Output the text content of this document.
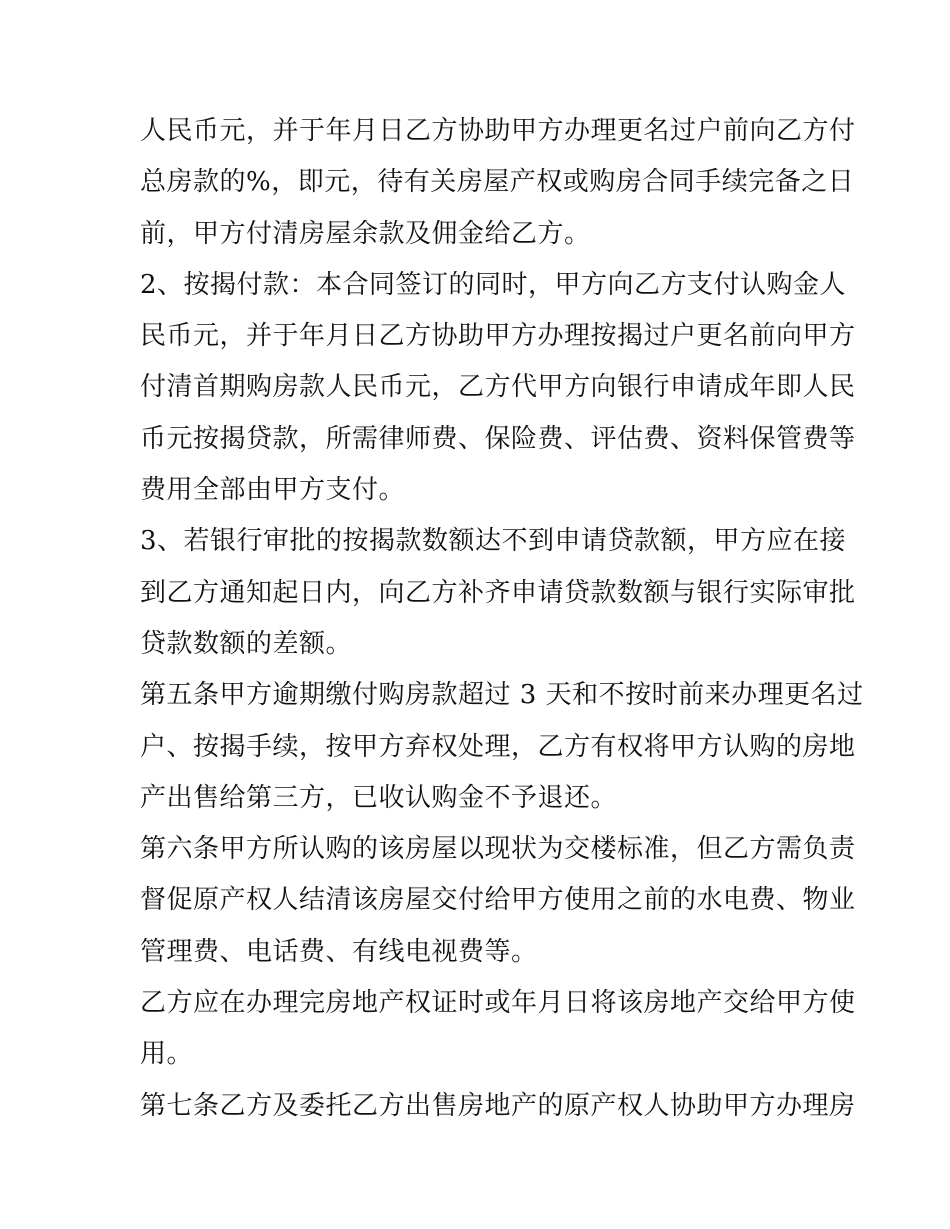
人民币元，并于年月日乙方协助甲方办理更名过户前向乙方付
总房款的%，即元，待有关房屋产权或购房合同手续完备之日
前，甲方付清房屋余款及佣金给乙方。
2、按揭付款：本合同签订的同时，甲方向乙方支付认购金人
民币元，并于年月日乙方协助甲方办理按揭过户更名前向甲方
付清首期购房款人民币元，乙方代甲方向银行申请成年即人民
币元按揭贷款，所需律师费、保险费、评估费、资料保管费等
费用全部由甲方支付。
3、若银行审批的按揭款数额达不到申请贷款额，甲方应在接
到乙方通知起日内，向乙方补齐申请贷款数额与银行实际审批
贷款数额的差额。
第五条甲方逾期缴付购房款超过 3 天和不按时前来办理更名过
户、按揭手续，按甲方弃权处理，乙方有权将甲方认购的房地
产出售给第三方，已收认购金不予退还。
第六条甲方所认购的该房屋以现状为交楼标准，但乙方需负责
督促原产权人结清该房屋交付给甲方使用之前的水电费、物业
管理费、电话费、有线电视费等。
乙方应在办理完房地产权证时或年月日将该房地产交给甲方使
用。
第七条乙方及委托乙方出售房地产的原产权人协助甲方办理房
